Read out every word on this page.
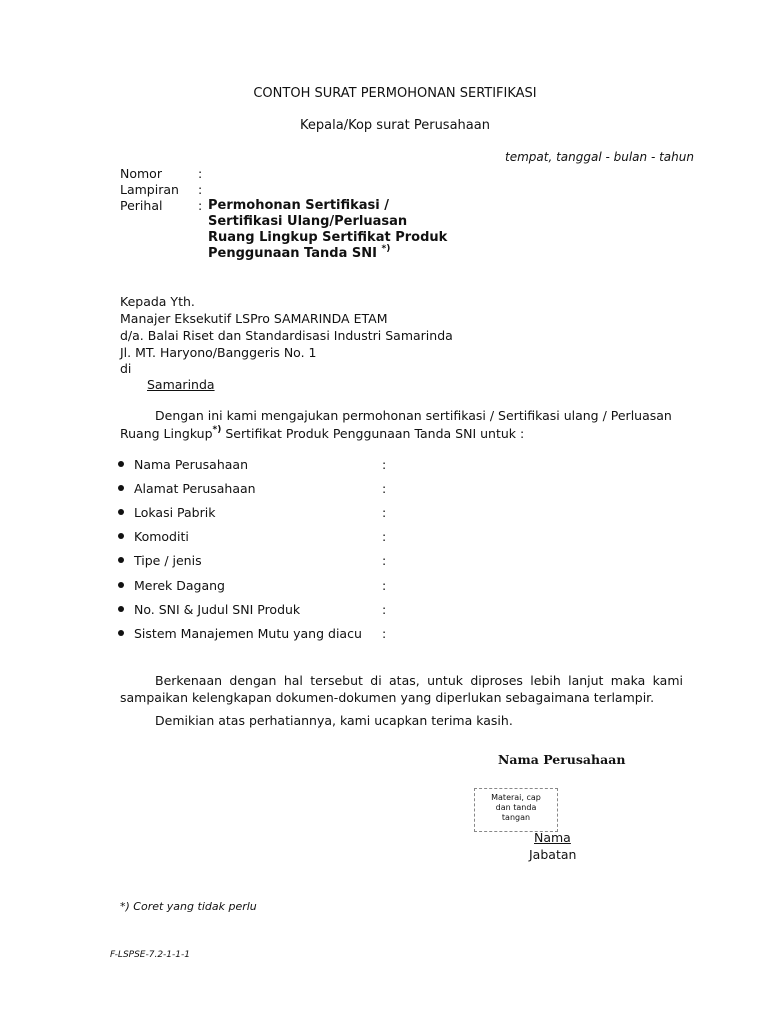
CONTOH SURAT PERMOHONAN SERTIFIKASI
Kepala/Kop surat Perusahaan
tempat, tanggal - bulan - tahun
Nomor	:
Lampiran :
Perihal	: Permohonan Sertifikasi /
Sertifikasi Ulang/Perluasan
Ruang Lingkup Sertifikat Produk
Penggunaan Tanda SNI *)
Kepada Yth.
Manajer Eksekutif LSPro SAMARINDA ETAM
d/a. Balai Riset dan Standardisasi Industri Samarinda
Jl. MT. Haryono/Banggeris No. 1
di
Samarinda
Dengan ini kami mengajukan permohonan sertifikasi / Sertifikasi ulang / Perluasan
Ruang Lingkup*) Sertifikat Produk Penggunaan Tanda SNI untuk :
Nama Perusahaan	:
Alamat Perusahaan	:
Lokasi Pabrik	:
Komoditi	:
Tipe / jenis	:
Merek Dagang	:
No. SNI & Judul SNI Produk	:
Sistem Manajemen Mutu yang diacu :
Berkenaan dengan hal tersebut di atas, untuk diproses lebih lanjut maka kami
sampaikan kelengkapan dokumen-dokumen yang diperlukan sebagaimana terlampir.
Demikian atas perhatiannya, kami ucapkan terima kasih.
Nama Perusahaan
Materai, cap
dan tanda
tangan
Nama
Jabatan
*) Coret yang tidak perlu
F-LSPSE-7.2-1-1-1
